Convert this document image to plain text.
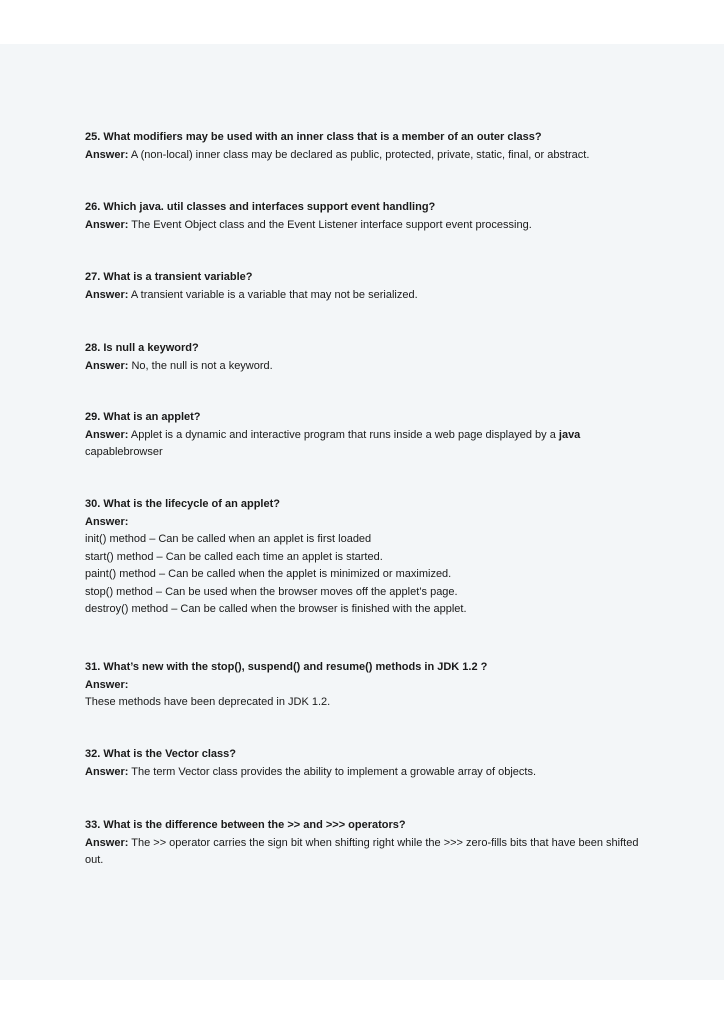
25. What modifiers may be used with an inner class that is a member of an outer class?

Answer: A (non-local) inner class may be declared as public, protected, private, static, final, or abstract.

26. Which java. util classes and interfaces support event handling?

Answer: The Event Object class and the Event Listener interface support event processing.

27. What is a transient variable?

Answer: A transient variable is a variable that may not be serialized.

28. Is null a keyword?

Answer: No, the null is not a keyword.

29. What is an applet?

Answer: Applet is a dynamic and interactive program that runs inside a web page displayed by a java capablebrowser

30. What is the lifecycle of an applet?

Answer:

init() method – Can be called when an applet is first loaded
start() method – Can be called each time an applet is started.
paint() method – Can be called when the applet is minimized or maximized.
stop() method – Can be used when the browser moves off the applet’s page.
destroy() method – Can be called when the browser is finished with the applet.

31. What’s new with the stop(), suspend() and resume() methods in JDK 1.2 ?

Answer:

These methods have been deprecated in JDK 1.2.

32. What is the Vector class?

Answer: The term Vector class provides the ability to implement a growable array of objects.

33. What is the difference between the >> and >>> operators?

Answer: The >> operator carries the sign bit when shifting right while the >>> zero-fills bits that have been shifted out.
